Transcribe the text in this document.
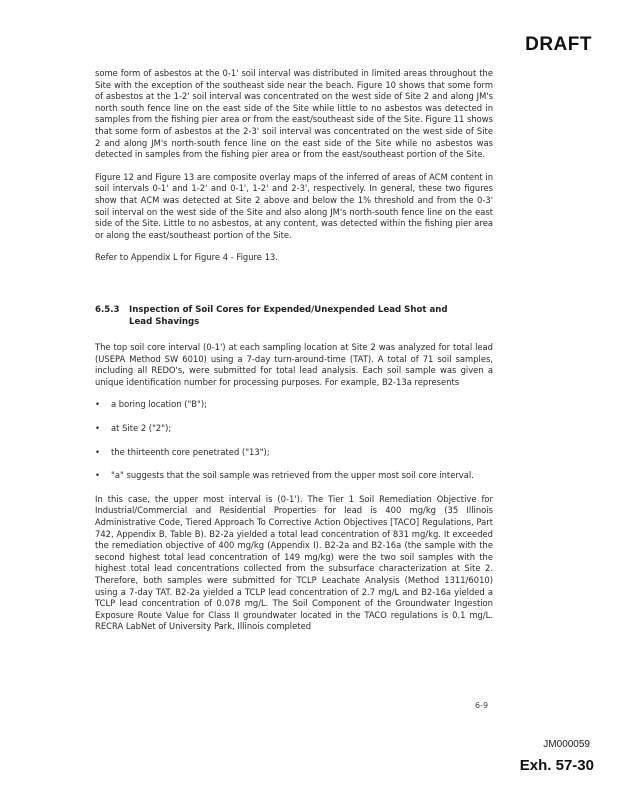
DRAFT

some form of asbestos at the 0-1' soil interval was distributed in limited areas throughout the Site with the exception of the southeast side near the beach. Figure 10 shows that some form of asbestos at the 1-2' soil interval was concentrated on the west side of Site 2 and along JM's north south fence line on the east side of the Site while little to no asbestos was detected in samples from the fishing pier area or from the east/southeast side of the Site. Figure 11 shows that some form of asbestos at the 2-3' soil interval was concentrated on the west side of Site 2 and along JM's north-south fence line on the east side of the Site while no asbestos was detected in samples from the fishing pier area or from the east/southeast portion of the Site.

Figure 12 and Figure 13 are composite overlay maps of the inferred of areas of ACM content in soil intervals 0-1' and 1-2' and 0-1', 1-2' and 2-3', respectively. In general, these two figures show that ACM was detected at Site 2 above and below the 1% threshold and from the 0-3' soil interval on the west side of the Site and also along JM's north-south fence line on the east side of the Site. Little to no asbestos, at any content, was detected within the fishing pier area or along the east/southeast portion of the Site.

Refer to Appendix L for Figure 4 - Figure 13.

6.5.3 Inspection of Soil Cores for Expended/Unexpended Lead Shot and
Lead Shavings

The top soil core interval (0-1') at each sampling location at Site 2 was analyzed for total lead (USEPA Method SW 6010) using a 7-day turn-around-time (TAT). A total of 71 soil samples, including all REDO's, were submitted for total lead analysis. Each soil sample was given a unique identification number for processing purposes. For example, B2-13a represents

• a boring location ("B");
• at Site 2 ("2");
• the thirteenth core penetrated ("13");
• "a" suggests that the soil sample was retrieved from the upper most soil core interval.

In this case, the upper most interval is (0-1'). The Tier 1 Soil Remediation Objective for Industrial/Commercial and Residential Properties for lead is 400 mg/kg (35 Illinois Administrative Code, Tiered Approach To Corrective Action Objectives [TACO] Regulations, Part 742, Appendix B, Table B). B2-2a yielded a total lead concentration of 831 mg/kg. It exceeded the remediation objective of 400 mg/kg (Appendix I). B2-2a and B2-16a (the sample with the second highest total lead concentration of 149 mg/kg) were the two soil samples with the highest total lead concentrations collected from the subsurface characterization at Site 2. Therefore, both samples were submitted for TCLP Leachate Analysis (Method 1311/6010) using a 7-day TAT. B2-2a yielded a TCLP lead concentration of 2.7 mg/L and B2-16a yielded a TCLP lead concentration of 0.078 mg/L. The Soil Component of the Groundwater Ingestion Exposure Route Value for Class II groundwater located in the TACO regulations is 0.1 mg/L. RECRA LabNet of University Park, Illinois completed

6-9
JM000059
Exh. 57-30
